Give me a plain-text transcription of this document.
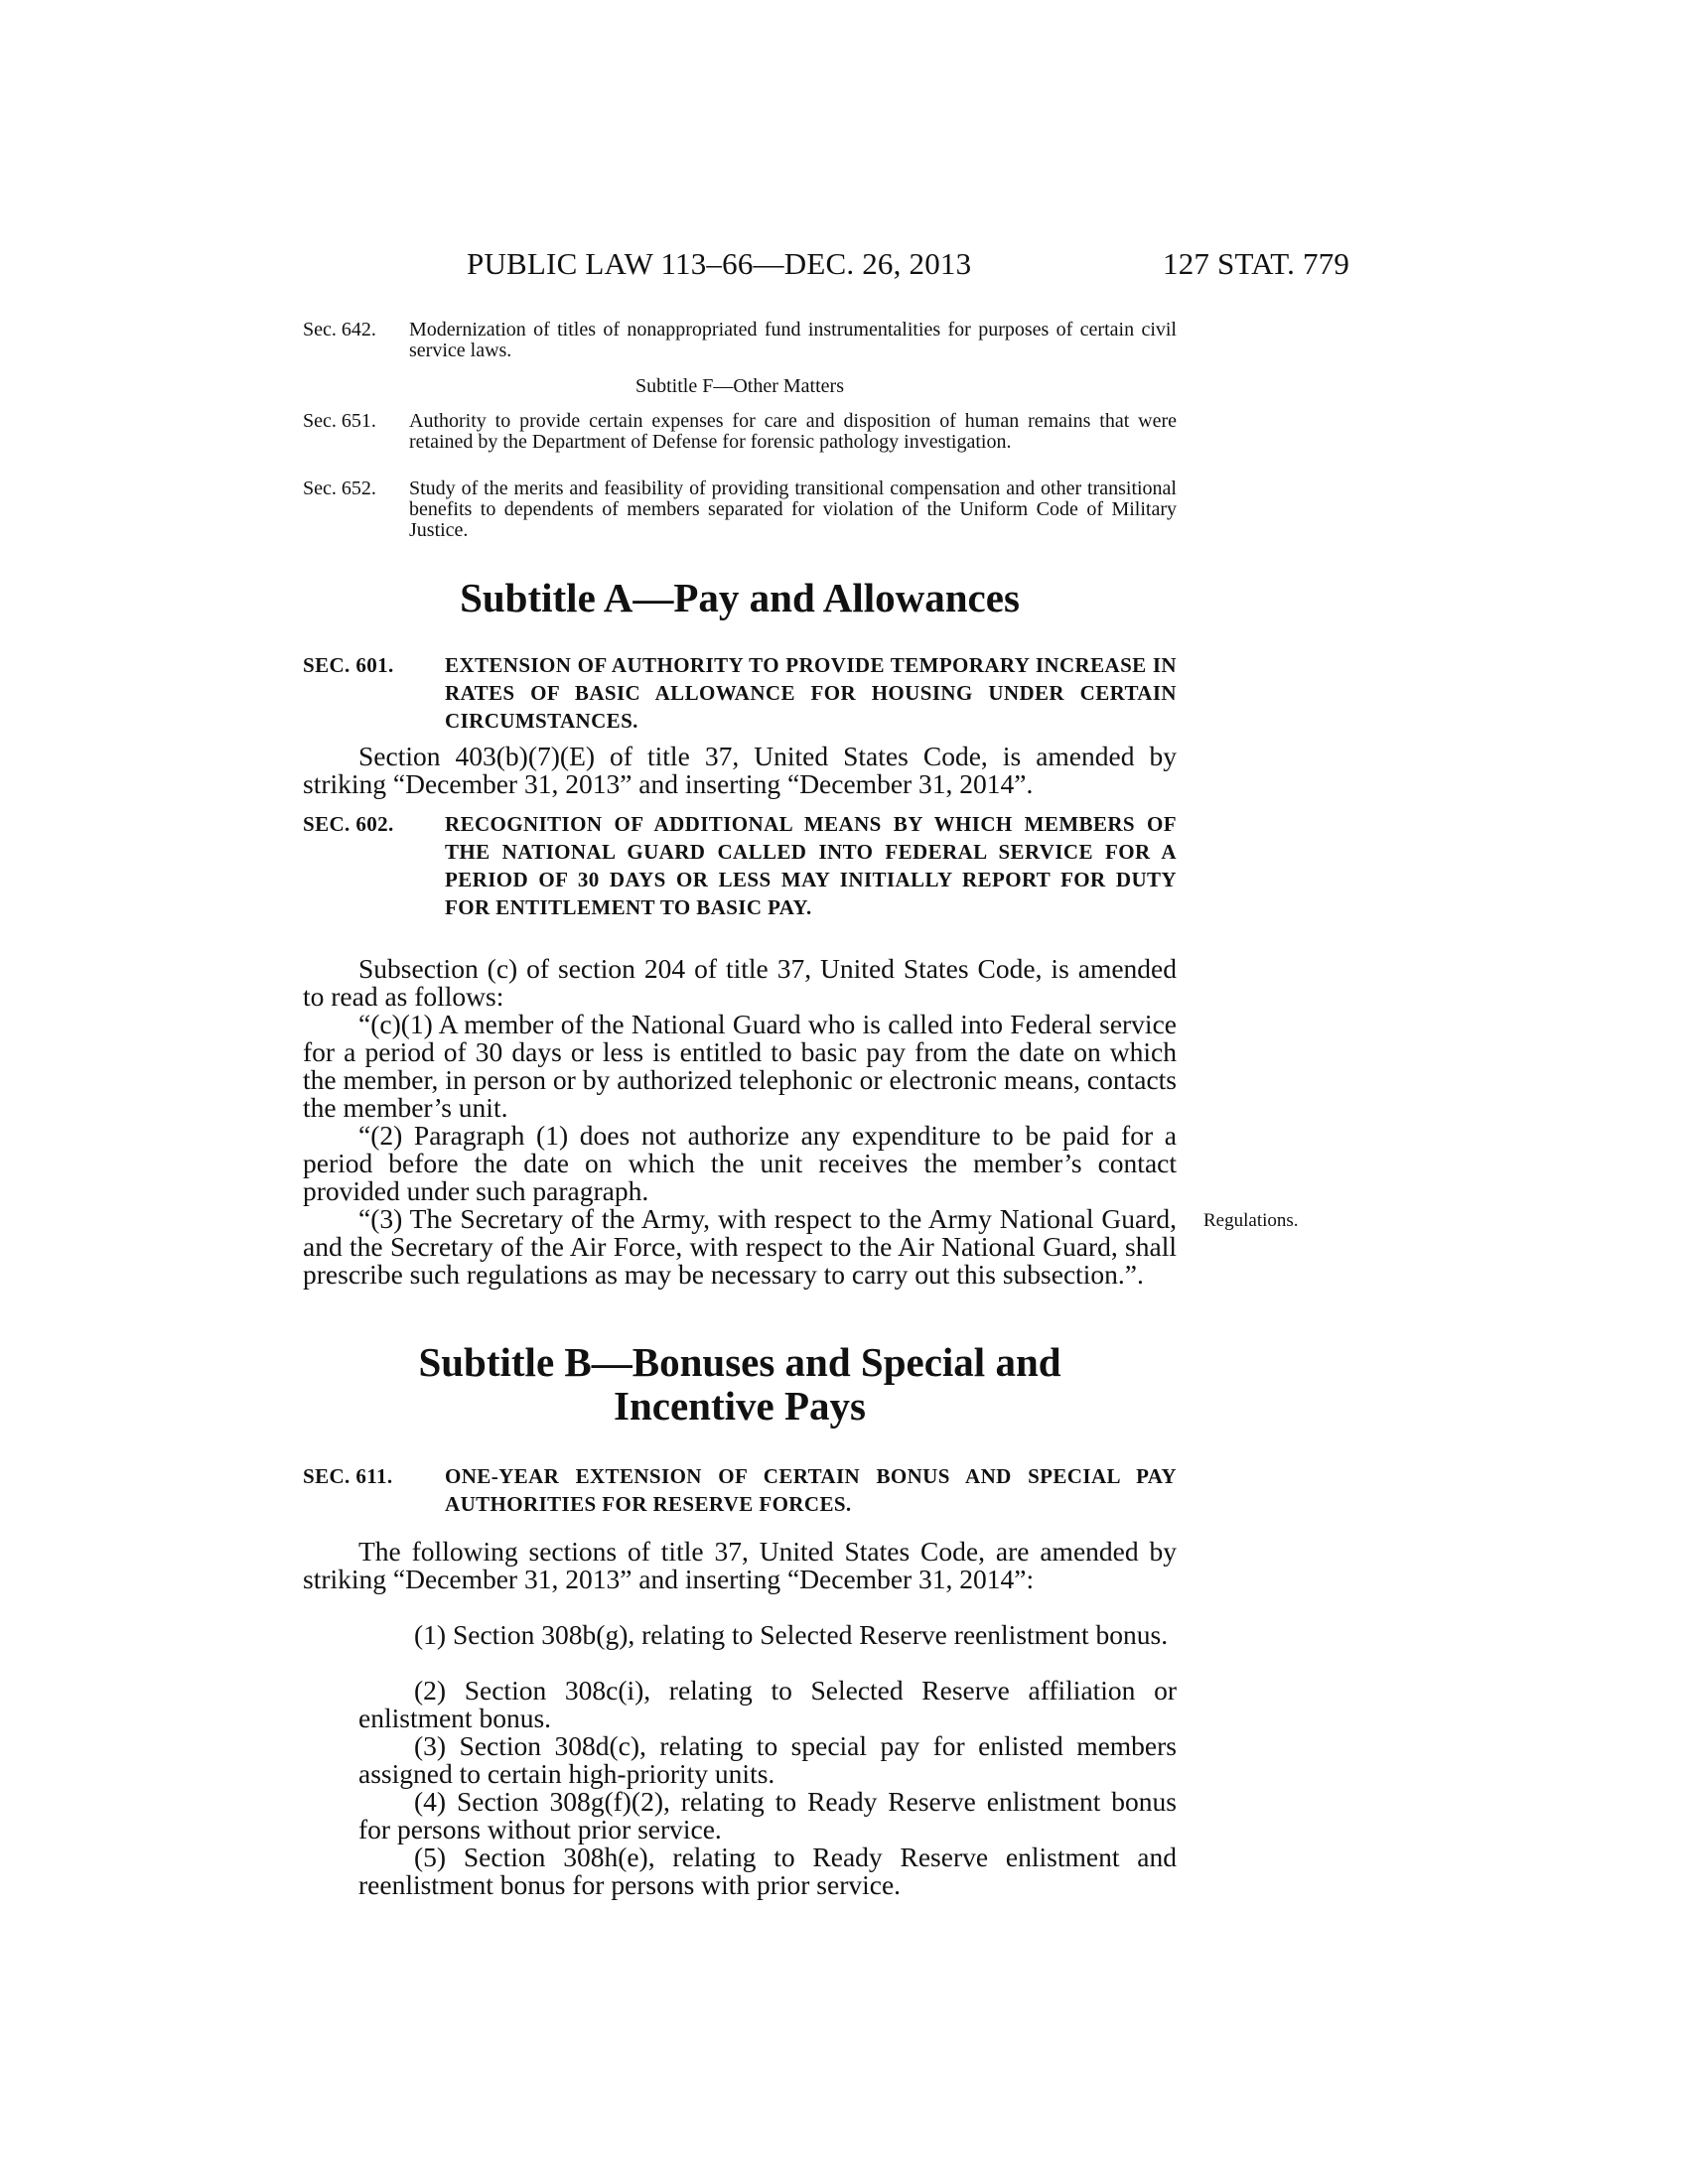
PUBLIC LAW 113–66—DEC. 26, 2013	127 STAT. 779
Sec. 642. Modernization of titles of nonappropriated fund instrumentalities for purposes of certain civil service laws.
Subtitle F—Other Matters
Sec. 651. Authority to provide certain expenses for care and disposition of human remains that were retained by the Department of Defense for forensic pathology investigation.
Sec. 652. Study of the merits and feasibility of providing transitional compensation and other transitional benefits to dependents of members separated for violation of the Uniform Code of Military Justice.
Subtitle A—Pay and Allowances
SEC. 601. EXTENSION OF AUTHORITY TO PROVIDE TEMPORARY INCREASE IN RATES OF BASIC ALLOWANCE FOR HOUSING UNDER CERTAIN CIRCUMSTANCES.
Section 403(b)(7)(E) of title 37, United States Code, is amended by striking “December 31, 2013” and inserting “December 31, 2014”.
SEC. 602. RECOGNITION OF ADDITIONAL MEANS BY WHICH MEMBERS OF THE NATIONAL GUARD CALLED INTO FEDERAL SERVICE FOR A PERIOD OF 30 DAYS OR LESS MAY INITIALLY REPORT FOR DUTY FOR ENTITLEMENT TO BASIC PAY.
Subsection (c) of section 204 of title 37, United States Code, is amended to read as follows:
“(c)(1) A member of the National Guard who is called into Federal service for a period of 30 days or less is entitled to basic pay from the date on which the member, in person or by authorized telephonic or electronic means, contacts the member’s unit.
“(2) Paragraph (1) does not authorize any expenditure to be paid for a period before the date on which the unit receives the member’s contact provided under such paragraph.
“(3) The Secretary of the Army, with respect to the Army National Guard, and the Secretary of the Air Force, with respect to the Air National Guard, shall prescribe such regulations as may be necessary to carry out this subsection.”.
Regulations.
Subtitle B—Bonuses and Special and
Incentive Pays
SEC. 611. ONE-YEAR EXTENSION OF CERTAIN BONUS AND SPECIAL PAY AUTHORITIES FOR RESERVE FORCES.
The following sections of title 37, United States Code, are amended by striking “December 31, 2013” and inserting “December 31, 2014”:
(1) Section 308b(g), relating to Selected Reserve reenlistment bonus.
(2) Section 308c(i), relating to Selected Reserve affiliation or enlistment bonus.
(3) Section 308d(c), relating to special pay for enlisted members assigned to certain high-priority units.
(4) Section 308g(f)(2), relating to Ready Reserve enlistment bonus for persons without prior service.
(5) Section 308h(e), relating to Ready Reserve enlistment and reenlistment bonus for persons with prior service.
